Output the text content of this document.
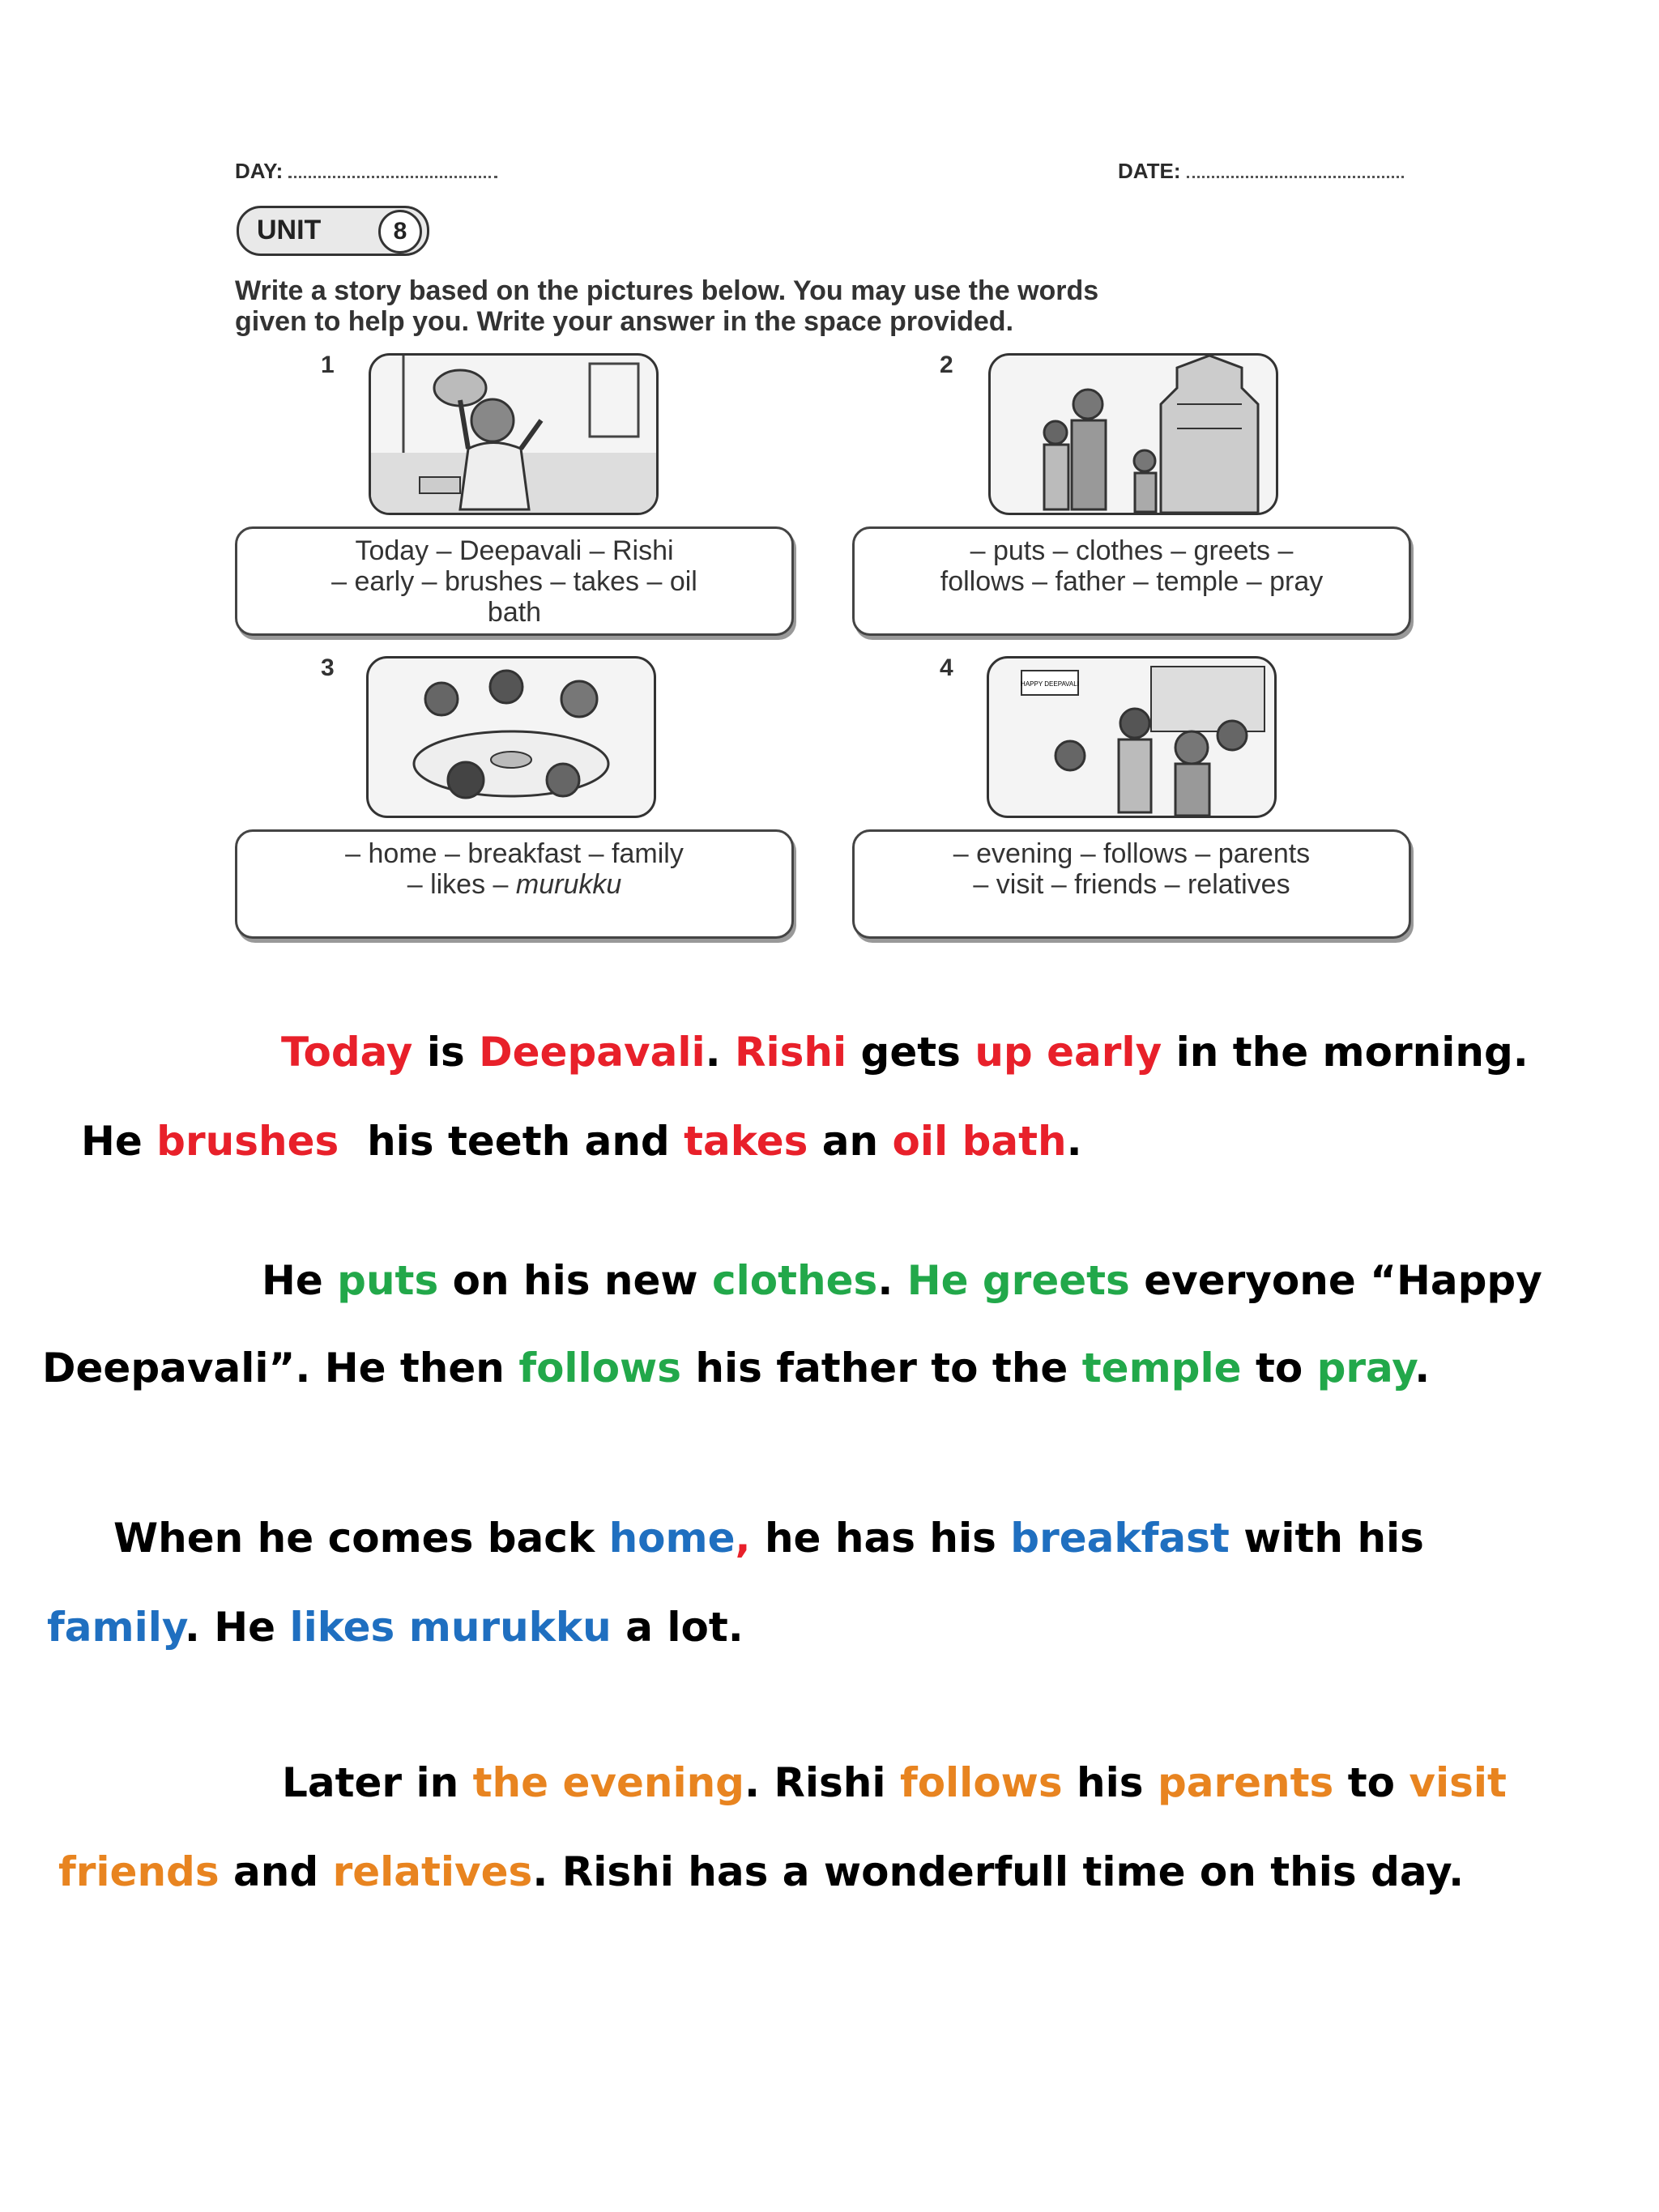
DAY:	DATE:
UNIT	8
Write a story based on the pictures below. You may use the words
given to help you. Write your answer in the space provided.
1
Today – Deepavali – Rishi
– early – brushes – takes – oil
bath
2
– puts – clothes – greets –
follows – father – temple – pray
3
– home – breakfast – family
– likes – murukku
4
HAPPY DEEPAVALI
– evening – follows – parents
– visit – friends – relatives
Today is Deepavali. Rishi gets up early in the morning.
He brushes  his teeth and takes an oil bath.
He puts on his new clothes. He greets everyone “Happy
Deepavali”. He then follows his father to the temple to pray.
When he comes back home, he has his breakfast with his
family. He likes murukku a lot.
Later in the evening. Rishi follows his parents to visit
friends and relatives. Rishi has a wonderfull time on this day.
